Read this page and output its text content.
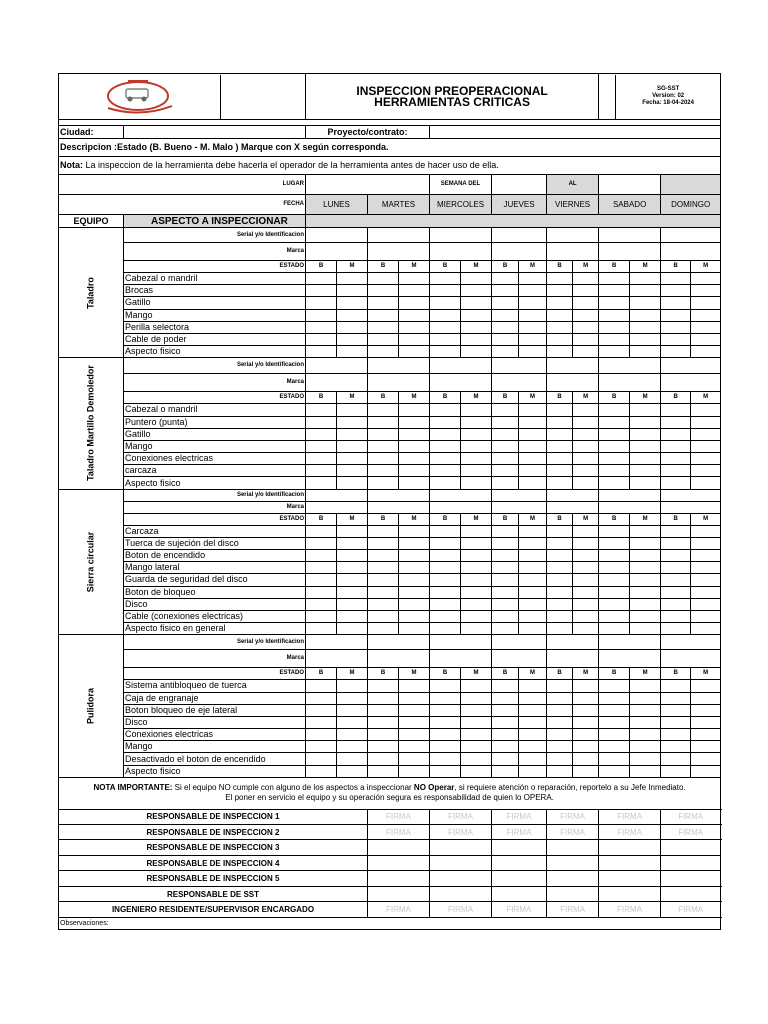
	INSPECCION PREOPERACIONAL HERRAMIENTAS CRITICAS										SG-SST
Version: 02
Fecha: 18-04-2024				

Ciudad:		Proyecto/contrato:														
Descripcion :Estado (B. Bueno - M. Malo ) Marque con X según corresponda.																
Nota: La inspeccion de la herramienta debe hacerla el operador de la herramienta antes de hacer uso de ella.																
LUGAR						SEMANA DEL				AL						
FECHA		LUNES		MARTES		MIERCOLES		JUEVES		VIERNES		SABADO		DOMINGO		
EQUIPO	ASPECTO A INSPECCIONAR															

Taladro	Serial y/o Identificacion															
	Marca															
	ESTADO	B	M	B	M	B	M	B	M	B	M	B	M	B	M	
	Cabezal o mandril															
	Brocas															
	Gatillo															
	Mango															
	Perilla selectora															
	Cable de poder															
	Aspecto fisico															

Taladro Martillo Demoledor	Serial y/o Identificacion															
	Marca															
	ESTADO	B	M	B	M	B	M	B	M	B	M	B	M	B	M	
	Cabezal o mandril															
	Puntero (punta)															
	Gatillo															
	Mango															
	Conexiones electricas															
	carcaza															
	Aspecto fisico															

Sierra circular	Serial y/o Identificacion															
	Marca															
	ESTADO	B	M	B	M	B	M	B	M	B	M	B	M	B	M	
	Carcaza															
	Tuerca de sujeción del disco															
	Boton de encendido															
	Mango lateral															
	Guarda de seguridad del disco															
	Boton de bloqueo															
	Disco															
	Cable (conexiones electricas)															
	Aspecto fisico en general															

Pulidora	Serial y/o Identificacion															
	Marca															
	ESTADO	B	M	B	M	B	M	B	M	B	M	B	M	B	M	
	Sistema antibloqueo de tuerca															
	Caja de engranaje															
	Boton bloqueo de eje lateral															
	Disco															
	Conexiones electricas															
	Mango															
	Desactivado el boton de encendido															
	Aspecto fisico															
NOTA IMPORTANTE: Si el equipo NO cumple con alguno de los aspectos a inspeccionar NO Operar, si requiere atención o reparación, reportelo a su Jefe Inmediato.
El poner en servicio el equipo y su operación segura es responsabilidad de quien lo OPERA.																
RESPONSABLE DE INSPECCION 1				FIRMA		FIRMA		FIRMA		FIRMA		FIRMA		FIRMA	
RESPONSABLE DE INSPECCION 2				FIRMA		FIRMA		FIRMA		FIRMA		FIRMA		FIRMA	
RESPONSABLE DE INSPECCION 3																
RESPONSABLE DE INSPECCION 4																
RESPONSABLE DE INSPECCION 5																
RESPONSABLE DE SST																
INGENIERO RESIDENTE/SUPERVISOR ENCARGADO				FIRMA		FIRMA		FIRMA		FIRMA		FIRMA		FIRMA	
Observaciones:																
